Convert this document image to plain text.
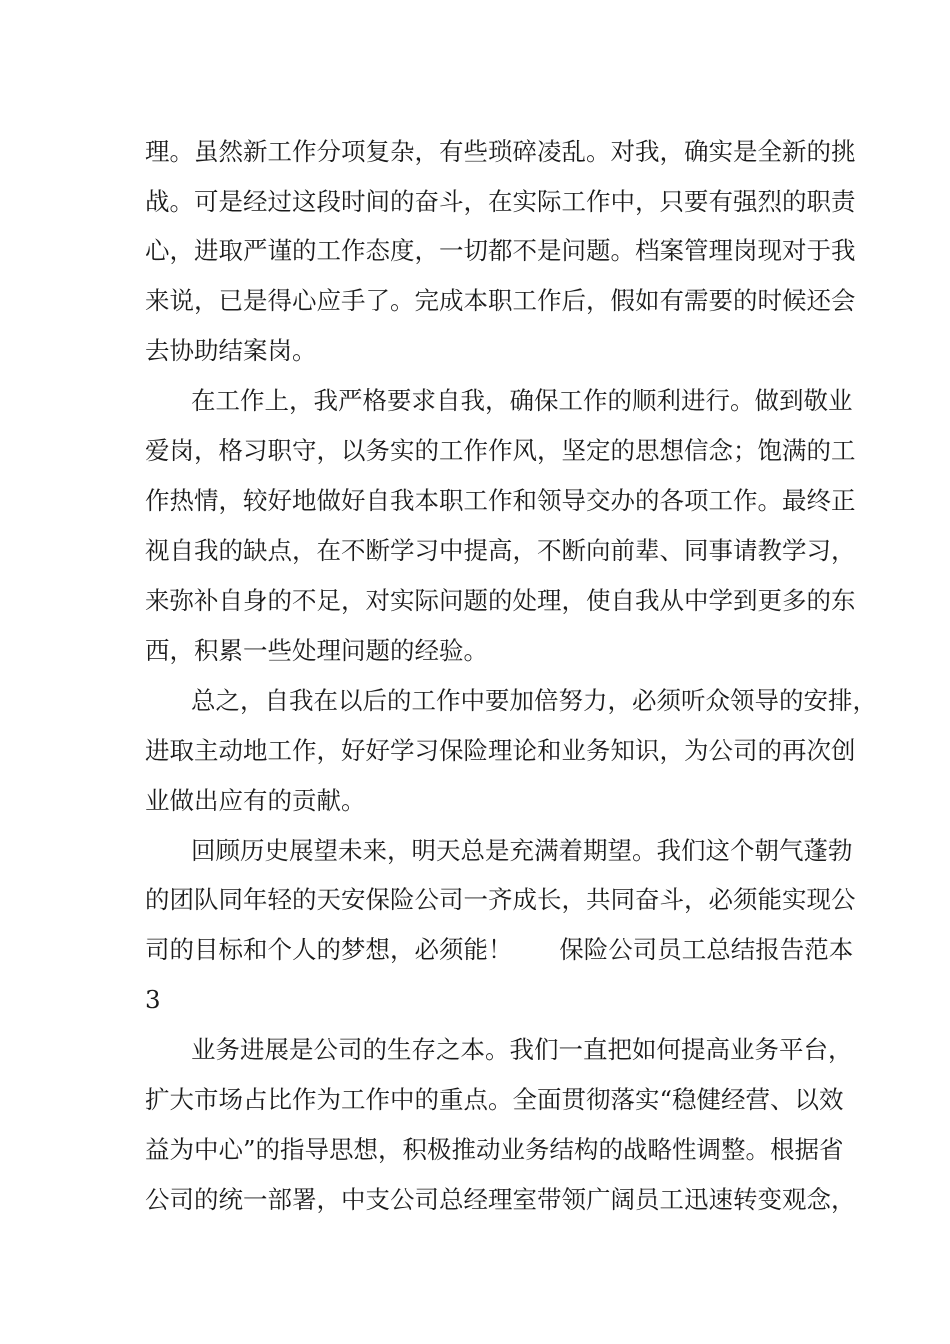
理。虽然新工作分项复杂，有些琐碎凌乱。对我，确实是全新的挑
战。可是经过这段时间的奋斗，在实际工作中，只要有强烈的职责
心，进取严谨的工作态度，一切都不是问题。档案管理岗现对于我
来说，已是得心应手了。完成本职工作后，假如有需要的时候还会
去协助结案岗。
在工作上，我严格要求自我，确保工作的顺利进行。做到敬业
爱岗，格习职守，以务实的工作作风，坚定的思想信念；饱满的工
作热情，较好地做好自我本职工作和领导交办的各项工作。最终正
视自我的缺点，在不断学习中提高，不断向前辈、同事请教学习，
来弥补自身的不足，对实际问题的处理，使自我从中学到更多的东
西，积累一些处理问题的经验。
总之，自我在以后的工作中要加倍努力，必须听众领导的安排，
进取主动地工作，好好学习保险理论和业务知识，为公司的再次创
业做出应有的贡献。
回顾历史展望未来，明天总是充满着期望。我们这个朝气蓬勃
的团队同年轻的天安保险公司一齐成长，共同奋斗，必须能实现公
司的目标和个人的梦想，必须能！      保险公司员工总结报告范本
3
业务进展是公司的生存之本。我们一直把如何提高业务平台，
扩大市场占比作为工作中的重点。全面贯彻落实“稳健经营、以效
益为中心”的指导思想，积极推动业务结构的战略性调整。根据省
公司的统一部署，中支公司总经理室带领广阔员工迅速转变观念，
